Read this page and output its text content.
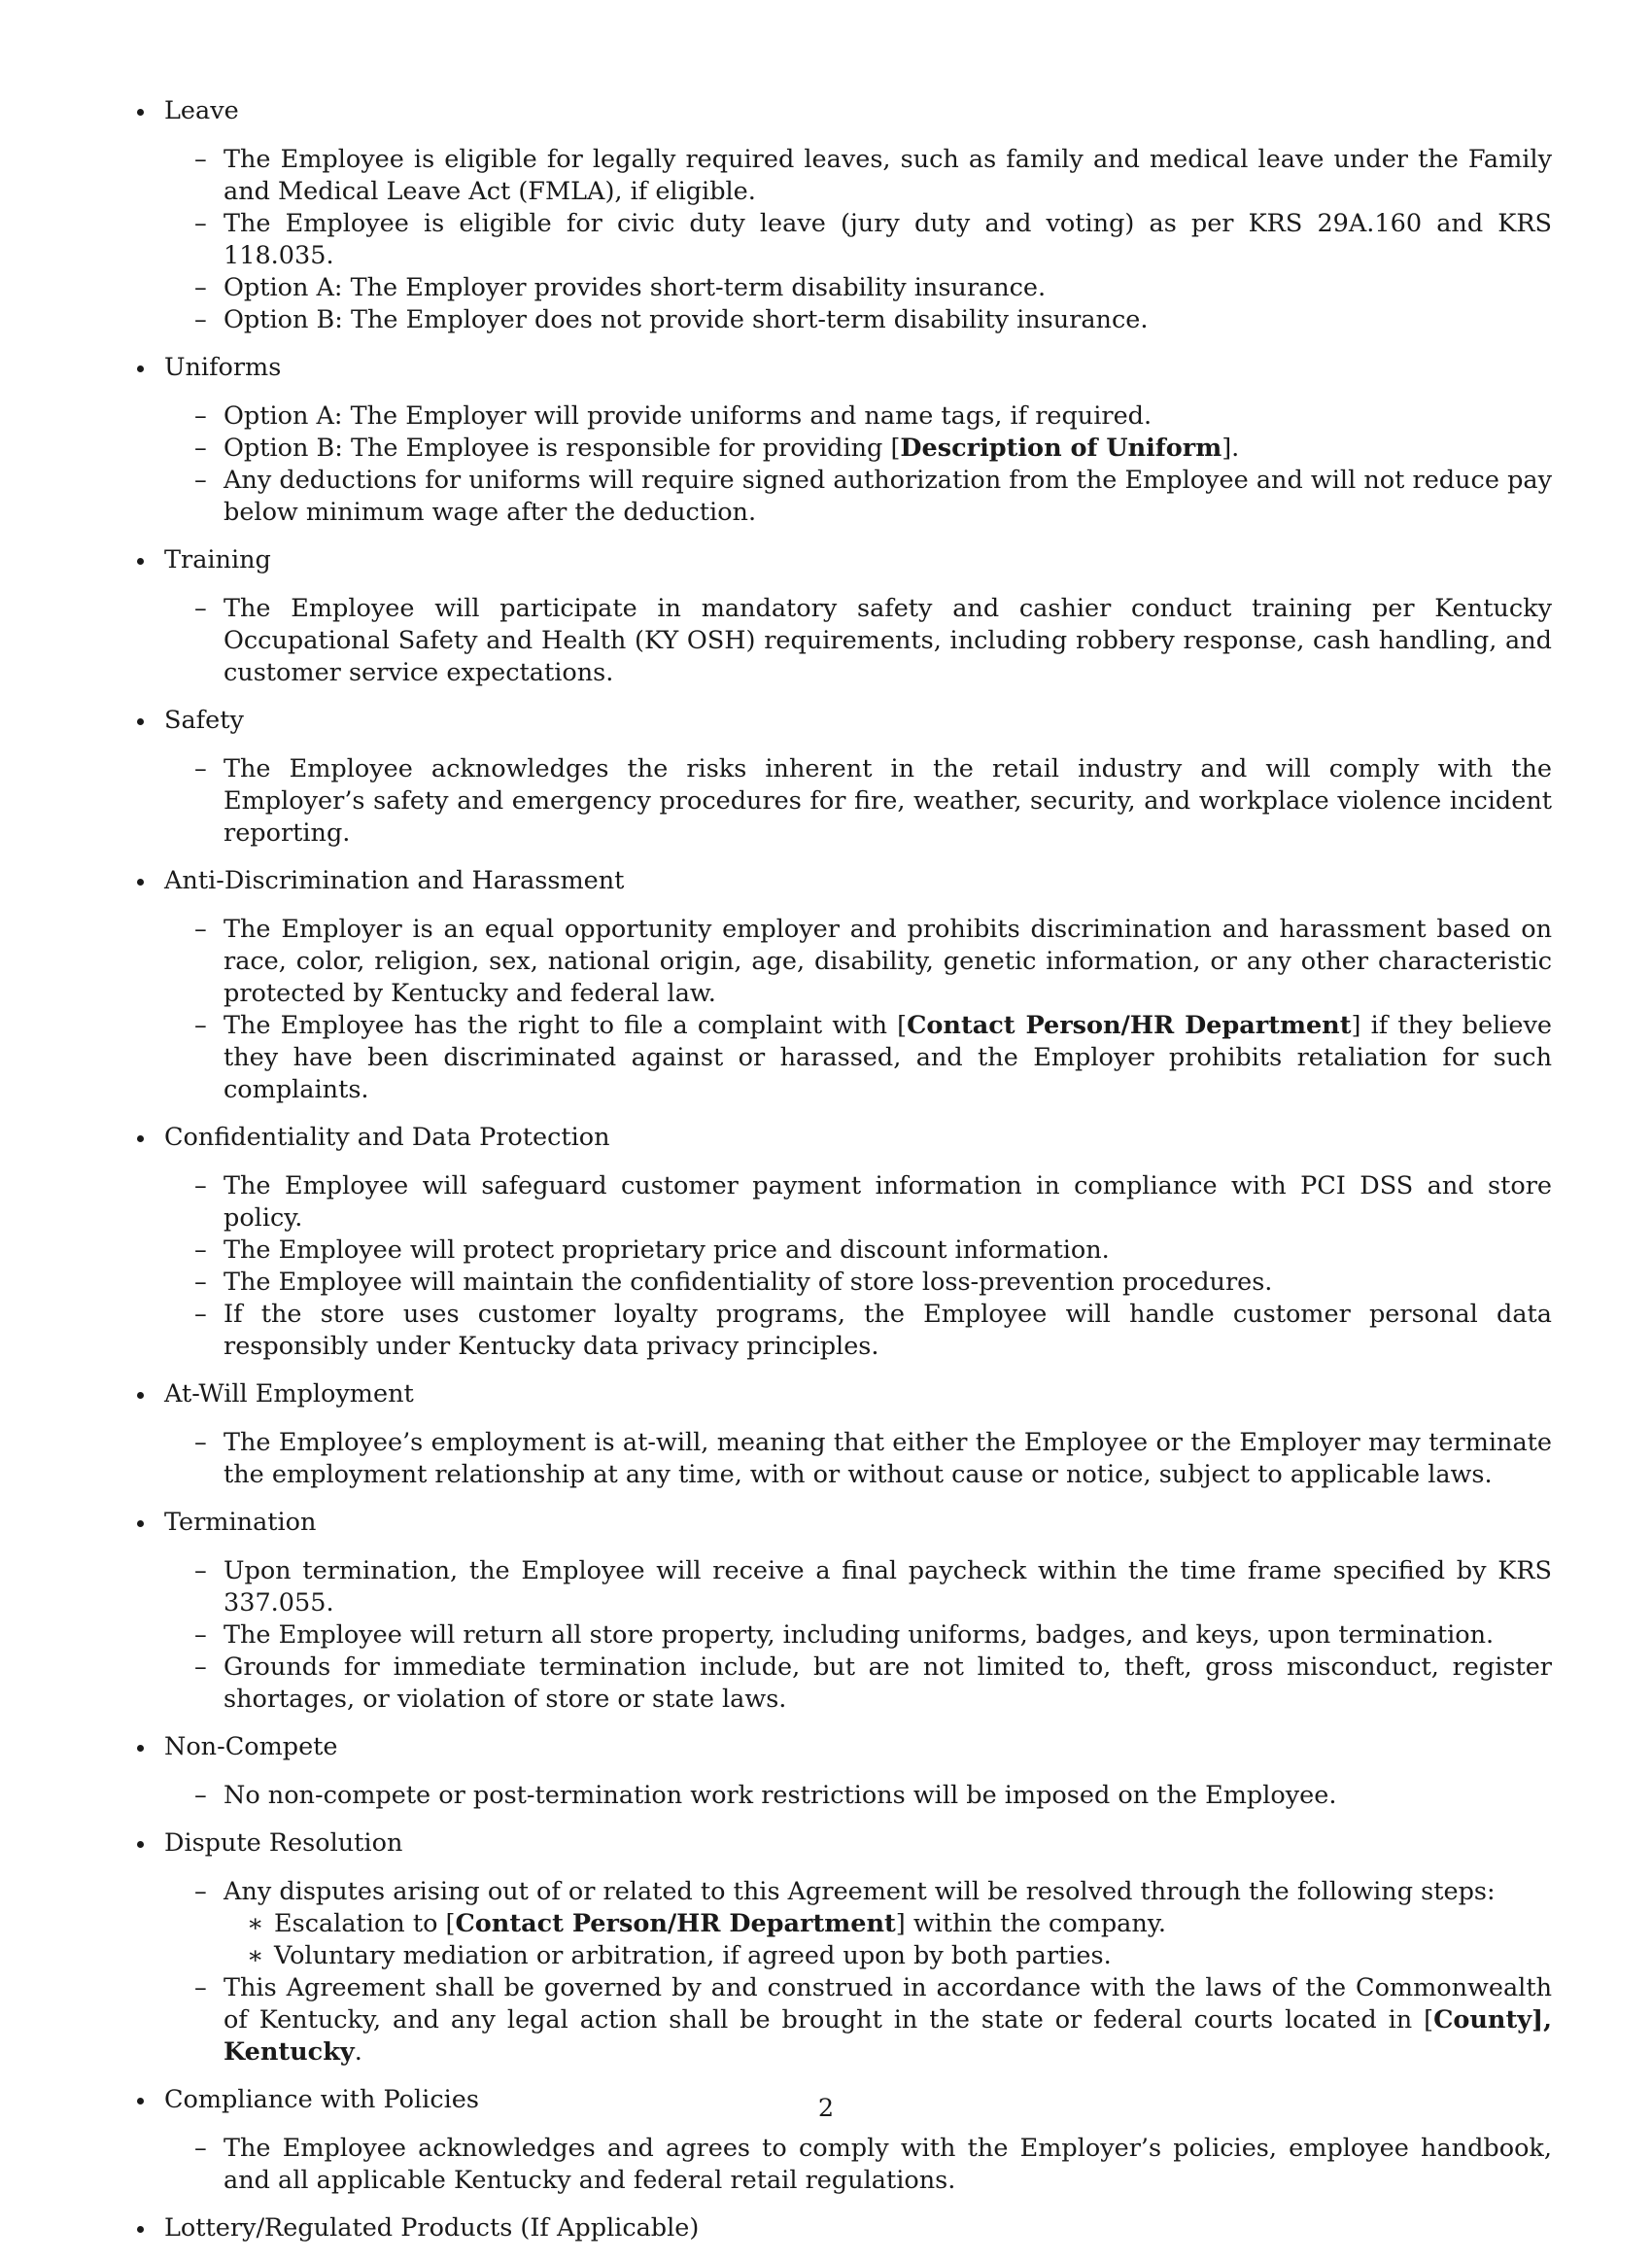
Leave
– The Employee is eligible for legally required leaves, such as family and medical leave under the Family and Medical Leave Act (FMLA), if eligible.
– The Employee is eligible for civic duty leave (jury duty and voting) as per KRS 29A.160 and KRS 118.035.
– Option A: The Employer provides short-term disability insurance.
– Option B: The Employer does not provide short-term disability insurance.
Uniforms
– Option A: The Employer will provide uniforms and name tags, if required.
– Option B: The Employee is responsible for providing [Description of Uniform].
– Any deductions for uniforms will require signed authorization from the Employee and will not reduce pay below minimum wage after the deduction.
Training
– The Employee will participate in mandatory safety and cashier conduct training per Kentucky Occupational Safety and Health (KY OSH) requirements, including robbery response, cash handling, and customer service expectations.
Safety
– The Employee acknowledges the risks inherent in the retail industry and will comply with the Employer’s safety and emergency procedures for fire, weather, security, and workplace violence incident reporting.
Anti-Discrimination and Harassment
– The Employer is an equal opportunity employer and prohibits discrimination and harassment based on race, color, religion, sex, national origin, age, disability, genetic information, or any other characteristic protected by Kentucky and federal law.
– The Employee has the right to file a complaint with [Contact Person/HR Department] if they believe they have been discriminated against or harassed, and the Employer prohibits retaliation for such complaints.
Confidentiality and Data Protection
– The Employee will safeguard customer payment information in compliance with PCI DSS and store policy.
– The Employee will protect proprietary price and discount information.
– The Employee will maintain the confidentiality of store loss-prevention procedures.
– If the store uses customer loyalty programs, the Employee will handle customer personal data responsibly under Kentucky data privacy principles.
At-Will Employment
– The Employee’s employment is at-will, meaning that either the Employee or the Employer may terminate the employment relationship at any time, with or without cause or notice, subject to applicable laws.
Termination
– Upon termination, the Employee will receive a final paycheck within the time frame specified by KRS 337.055.
– The Employee will return all store property, including uniforms, badges, and keys, upon termination.
– Grounds for immediate termination include, but are not limited to, theft, gross misconduct, register shortages, or violation of store or state laws.
Non-Compete
– No non-compete or post-termination work restrictions will be imposed on the Employee.
Dispute Resolution
– Any disputes arising out of or related to this Agreement will be resolved through the following steps:
∗ Escalation to [Contact Person/HR Department] within the company.
∗ Voluntary mediation or arbitration, if agreed upon by both parties.
– This Agreement shall be governed by and construed in accordance with the laws of the Commonwealth of Kentucky, and any legal action shall be brought in the state or federal courts located in [County], Kentucky.
Compliance with Policies
– The Employee acknowledges and agrees to comply with the Employer’s policies, employee handbook, and all applicable Kentucky and federal retail regulations.
Lottery/Regulated Products (If Applicable)
2
